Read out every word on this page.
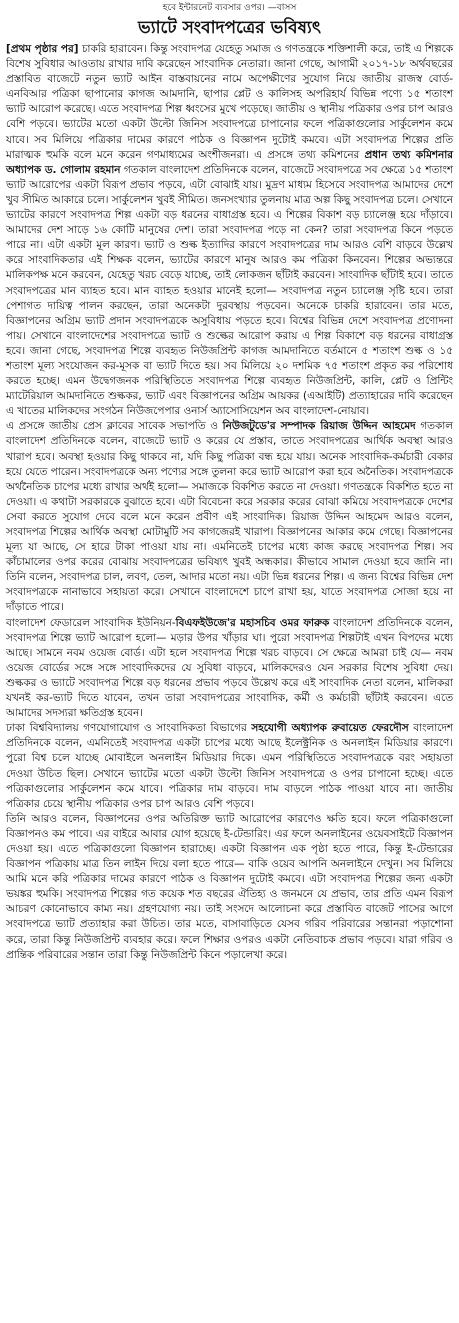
হবে ইন্টারনেট ব্যবসার ওপর। —বাসস
ভ্যাটে সংবাদপত্রের ভবিষ্যৎ

[প্রথম পৃষ্ঠার পর] চাকরি হারাবেন। কিন্তু সংবাদপত্র যেহেতু সমাজ ও গণতন্ত্রকে শক্তিশালী করে, তাই এ শিল্পকে বিশেষ সুবিধার আওতায় রাখার দাবি করেছেন সাংবাদিক নেতারা। জানা গেছে, আগামী ২০১৭-১৮ অর্থবছরের প্রস্তাবিত বাজেটে নতুন ভ্যাট আইন বাস্তবায়নের নামে অপেক্ষীণের সুযোগ নিয়ে জাতীয় রাজস্ব বোর্ড-এনবিআর পত্রিকা ছাপানোর কাগজ আমদানি, ছাপার প্লেট ও কালিসহ অপরিহার্য বিভিন্ন পণ্যে ১৫ শতাংশ ভ্যাট আরোপ করেছে। এতে সংবাদপত্র শিল্প ধ্বংসের মুখে পড়েছে। জাতীয় ও স্থানীয় পত্রিকার ওপর চাপ আরও বেশি পড়বে। ভ্যাটের মতো একটা উল্টো জিনিস সংবাদপত্রে চাপানোর ফলে পত্রিকাগুলোর সার্কুলেশন কমে যাবে। সব মিলিয়ে পত্রিকার দামের কারণে পাঠক ও বিজ্ঞাপন দুটোই কমবে। এটা সংবাদপত্র শিল্পের প্রতি মারাত্মক হুমকি বলে মনে করেন গণমাধ্যমের অংশীজনরা। এ প্রসঙ্গে তথ্য কমিশনের প্রধান তথ্য কমিশনার অধ্যাপক ড. গোলাম রহমান গতকাল বাংলাদেশ প্রতিদিনকে বলেন, বাজেটে সংবাদপত্রে সব ক্ষেত্রে ১৫ শতাংশ ভ্যাট আরোপের একটা বিরূপ প্রভাব পড়বে, এটা বোঝাই যায়। মুদ্রণ মাধ্যম হিসেবে সংবাদপত্র আমাদের দেশে খুব সীমিত আকারে চলে। সার্কুলেশন খুবই সীমিত। জনসংখ্যার তুলনায় মাত্র অল্প কিছু সংবাদপত্র চলে। সেখানে ভ্যাটের কারণে সংবাদপত্র শিল্প একটা বড় ধরনের বাধাগ্রস্ত হবে। এ শিল্পের বিকাশ বড় চ্যালেঞ্জ হয়ে দাঁড়াবে। আমাদের দেশ সাড়ে ১৬ কোটি মানুষের দেশ। তারা সংবাদপত্র পড়ে না কেন? তারা সংবাদপত্র কিনে পড়তে পারে না। এটা একটা মূল কারণ। ভ্যাট ও শুল্ক ইত্যাদির কারণে সংবাদপত্রের দাম আরও বেশি বাড়বে উল্লেখ করে সাংবাদিকতার এই শিক্ষক বলেন, ভ্যাটের কারণে মানুষ আরও কম পত্রিকা কিনবেন। শিল্পের অভ্যন্তরে মালিকপক্ষ মনে করবেন, যেহেতু খরচ বেড়ে যাচ্ছে, তাই লোকজন ছাঁটাই করবেন। সাংবাদিক ছাঁটাই হবে। তাতে সংবাদপত্রের মান ব্যাহত হবে। মান ব্যাহত হওয়ার মানেই হলো— সংবাদপত্র নতুন চ্যালেঞ্জ সৃষ্টি হবে। তারা পেশাগত দায়িত্ব পালন করছেন, তারা অনেকটা দুরবস্থায় পড়বেন। অনেকে চাকরি হারাবেন। তার মতে, বিজ্ঞাপনের অগ্রিম ভ্যাট প্রদান সংবাদপত্রকে অসুবিধায় পড়তে হবে। বিশ্বের বিভিন্ন দেশে সংবাদপত্র প্রণোদনা পায়। সেখানে বাংলাদেশের সংবাদপত্রে ভ্যাট ও শুল্কের আরোপ করায় এ শিল্প বিকাশে বড় ধরনের বাধাগ্রস্ত হবে। জানা গেছে, সংবাদপত্র শিল্পে ব্যবহৃত নিউজপ্রিন্ট কাগজ আমদানিতে বর্তমানে ৫ শতাংশ শুল্ক ও ১৫ শতাংশ মূল্য সংযোজন কর-মূসক বা ভ্যাট দিতে হয়। সব মিলিয়ে ২০ দশমিক ৭৫ শতাংশ প্রকৃত কর পরিশোধ করতে হচ্ছে। এমন উদ্বেগজনক পরিস্থিতিতে সংবাদপত্র শিল্পে ব্যবহৃত নিউজপ্রিন্ট, কালি, প্লেট ও প্রিন্টিং ম্যাটেরিয়াল আমদানিতে শুল্ককর, ভ্যাট এবং বিজ্ঞাপনের অগ্রিম আয়কর (এআইটি) প্রত্যাহারের দাবি করেছেন এ খাতের মালিকদের সংগঠন নিউজপেপার ওনার্স অ্যাসোসিয়েশন অব বাংলাদেশ-নোয়াব।

এ প্রসঙ্গে জাতীয় প্রেস ক্লাবের সাবেক সভাপতি ও নিউজটুডে'র সম্পাদক রিয়াজ উদ্দিন আহমেদ গতকাল বাংলাদেশ প্রতিদিনকে বলেন, বাজেটে ভ্যাট ও করের যে প্রস্তাব, তাতে সংবাদপত্রের আর্থিক অবস্থা আরও খারাপ হবে। অবস্থা হওয়ার কিছু থাকবে না, যদি কিছু পত্রিকা বন্ধ হয়ে যায়। অনেক সাংবাদিক-কর্মচারী বেকার হয়ে যেতে পারেন। সংবাদপত্রকে অন্য পণ্যের সঙ্গে তুলনা করে ভ্যাট আরোপ করা হবে অনৈতিক। সংবাদপত্রকে অর্থনৈতিক চাপের মধ্যে রাখার অর্থই হলো— সমাজকে বিকশিত করতে না দেওয়া। গণতন্ত্রকে বিকশিত হতে না দেওয়া। এ কথাটা সরকারকে বুঝাতে হবে। এটা বিবেচনা করে সরকার করের বোঝা কমিয়ে সংবাদপত্রকে দেশের সেবা করতে সুযোগ দেবে বলে মনে করেন প্রবীণ এই সাংবাদিক। রিয়াজ উদ্দিন আহমেদ আরও বলেন, সংবাদপত্র শিল্পের আর্থিক অবস্থা মোটামুটি সব কাগজেরই খারাপ। বিজ্ঞাপনের আকার কমে গেছে। বিজ্ঞাপনের মূল্য যা আছে, সে হারে টাকা পাওয়া যায় না। এমনিতেই চাপের মধ্যে কাজ করছে সংবাদপত্র শিল্প। সব কাঁচামালের ওপর করের বোঝায় সংবাদপত্রের ভবিষ্যৎ খুবই অন্ধকার। কীভাবে সামাল দেওয়া হবে জানি না। তিনি বলেন, সংবাদপত্র চাল, লবণ, তেল, আদার মতো নয়। এটা ভিন্ন ধরনের শিল্প। এ জন্য বিশ্বের বিভিন্ন দেশ সংবাদপত্রকে নানাভাবে সহায়তা করে। সেখানে বাংলাদেশে চাপে রাখা হয়, যাতে সংবাদপত্র সোজা হয়ে না দাঁড়াতে পারে।

বাংলাদেশ ফেডারেল সাংবাদিক ইউনিয়ন-বিএফইউজে'র মহাসচিব ওমর ফারুক বাংলাদেশ প্রতিদিনকে বলেন, সংবাদপত্র শিল্পে ভ্যাট আরোপ হলো— মড়ার উপর খাঁড়ার ঘা। পুরো সংবাদপত্র শিল্পটাই এখন বিপদের মধ্যে আছে। সামনে নবম ওয়েজ বোর্ড। এটা হলে সংবাদপত্র শিল্পে খরচ বাড়বে। সে ক্ষেত্রে আমরা চাই যে— নবম ওয়েজ বোর্ডের সঙ্গে সঙ্গে সাংবাদিকদের যে সুবিধা বাড়বে, মালিকদেরও যেন সরকার বিশেষ সুবিধা দেয়। শুল্ককর ও ভ্যাটে সংবাদপত্র শিল্পে বড় ধরনের প্রভাব পড়বে উল্লেখ করে এই সাংবাদিক নেতা বলেন, মালিকরা যখনই কর-ভ্যাট দিতে যাবেন, তখন তারা সংবাদপত্রের সাংবাদিক, কর্মী ও কর্মচারী ছাঁটাই করবেন। এতে আমাদের সদস্যরা ক্ষতিগ্রস্ত হবেন।

ঢাকা বিশ্ববিদ্যালয় গণযোগাযোগ ও সাংবাদিকতা বিভাগের সহযোগী অধ্যাপক রুবায়েত ফেরদৌস বাংলাদেশ প্রতিদিনকে বলেন, এমনিতেই সংবাদপত্র একটা চাপের মধ্যে আছে ইলেক্ট্রনিক ও অনলাইন মিডিয়ার কারণে। পুরো বিশ্ব চলে যাচ্ছে মোবাইলে অনলাইন মিডিয়ার দিকে। এমন পরিস্থিতিতে সংবাদপত্রকে বরং সহায়তা দেওয়া উচিত ছিল। সেখানে ভ্যাটের মতো একটা উল্টো জিনিস সংবাদপত্রে ও ওপর চাপানো হচ্ছে। এতে পত্রিকাগুলোর সার্কুলেশন কমে যাবে। পত্রিকার দাম বাড়বে। দাম বাড়লে পাঠক পাওয়া যাবে না। জাতীয় পত্রিকার চেয়ে স্থানীয় পত্রিকার ওপর চাপ আরও বেশি পড়বে।

তিনি আরও বলেন, বিজ্ঞাপনের ওপর অতিরিক্ত ভ্যাট আরোপের কারণেও ক্ষতি হবে। ফলে পত্রিকাগুলো বিজ্ঞাপনও কম পাবে। এর বাইরে আবার যোগ হয়েছে ই-টেন্ডারিং। এর ফলে অনলাইনের ওয়েবসাইটে বিজ্ঞাপন দেওয়া হয়। এতে পত্রিকাগুলো বিজ্ঞাপন হারাচ্ছে। একটা বিজ্ঞাপন এক পৃষ্ঠা হতে পারে, কিন্তু ই-টেন্ডারের বিজ্ঞাপন পত্রিকায় মাত্র তিন লাইন দিয়ে বলা হতে পারে— বাকি ওয়েব আপনি অনলাইনে দেখুন। সব মিলিয়ে আমি মনে করি পত্রিকার দামের কারণে পাঠক ও বিজ্ঞাপন দুটোই কমবে। এটা সংবাদপত্র শিল্পের জন্য একটা ভয়ঙ্কর হুমকি। সংবাদপত্র শিল্পের গত কয়েক শত বছরের ঐতিহ্য ও জনমনে যে প্রভাব, তার প্রতি এমন বিরূপ আচরণ কোনোভাবে কাম্য নয়। গ্রহণযোগ্য নয়। তাই সংসদে আলোচনা করে প্রস্তাবিত বাজেট পাসের আগে সংবাদপত্রে ভ্যাট প্রত্যাহার করা উচিত। তার মতে, বাসাবাড়িতে যেসব গরিব পরিবারের সন্তানরা পড়াশোনা করে, তারা কিন্তু নিউজপ্রিন্ট ব্যবহার করে। ফলে শিক্ষার ওপরও একটা নেতিবাচক প্রভাব পড়বে। যারা গরিব ও প্রান্তিক পরিবারের সন্তান তারা কিন্তু নিউজপ্রিন্ট কিনে পড়ালেখা করে।
